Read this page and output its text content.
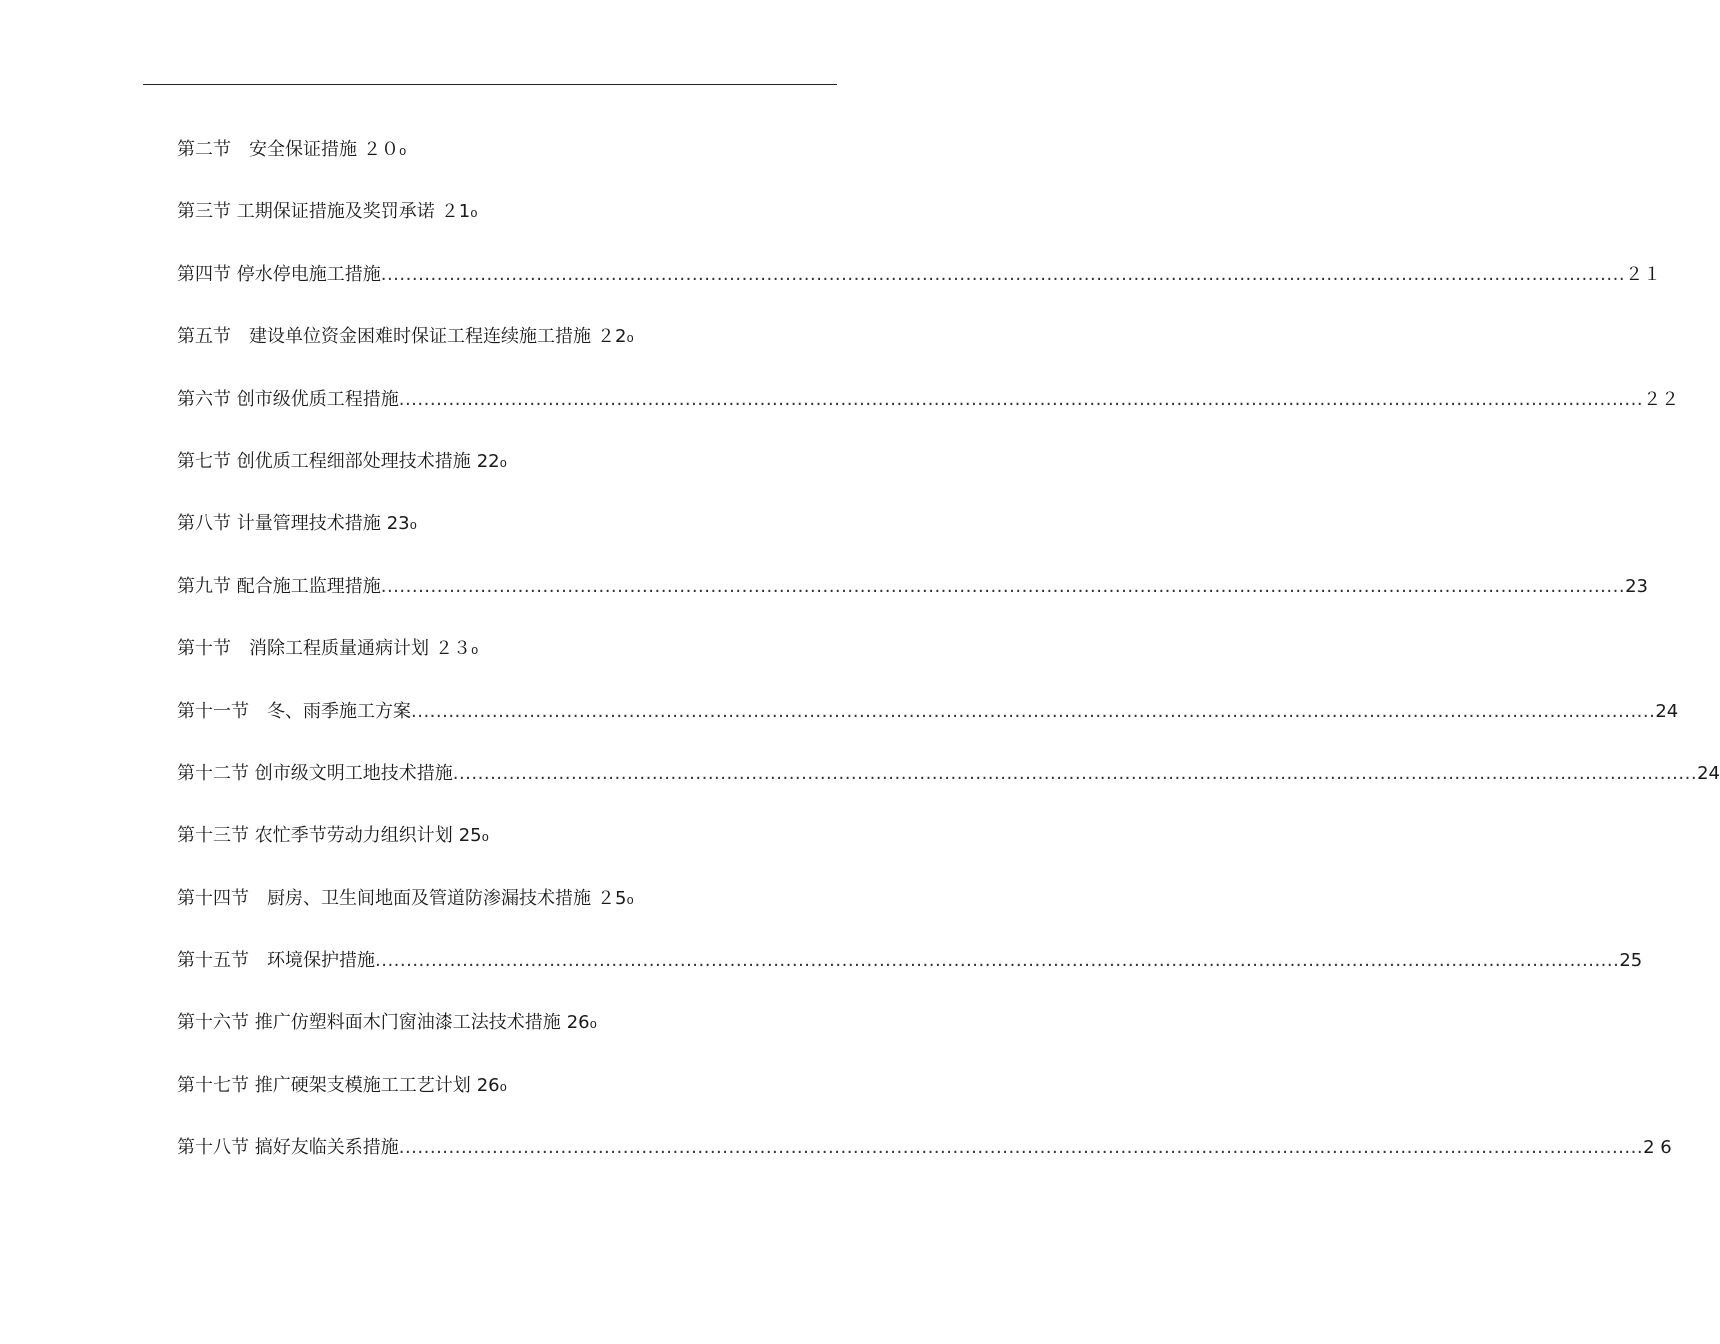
第二节　安全保证措施 ２０ ₀
第三节 工期保证措施及奖罚承诺 ２1 ₀
第四节 停水停电施工措施 ........................................................................................................................................................................................................ ２１
第五节　建设单位资金困难时保证工程连续施工措施 ２2 ₀
第六节 创市级优质工程措施 ........................................................................................................................................................................................................ ２２
第七节 创优质工程细部处理技术措施 22 ₀
第八节 计量管理技术措施 23 ₀
第九节 配合施工监理措施 ........................................................................................................................................................................................................ 23
第十节　消除工程质量通病计划 ２３ ₀
第十一节　冬、雨季施工方案 ........................................................................................................................................................................................................ 24
第十二节 创市级文明工地技术措施 ........................................................................................................................................................................................................ 24
第十三节 农忙季节劳动力组织计划 25 ₀
第十四节　厨房、卫生间地面及管道防渗漏技术措施 ２5 ₀
第十五节　环境保护措施 ........................................................................................................................................................................................................ 25
第十六节 推广仿塑料面木门窗油漆工法技术措施 26 ₀
第十七节 推广硬架支模施工工艺计划 26 ₀
第十八节 搞好友临关系措施 ........................................................................................................................................................................................................ 2 6
